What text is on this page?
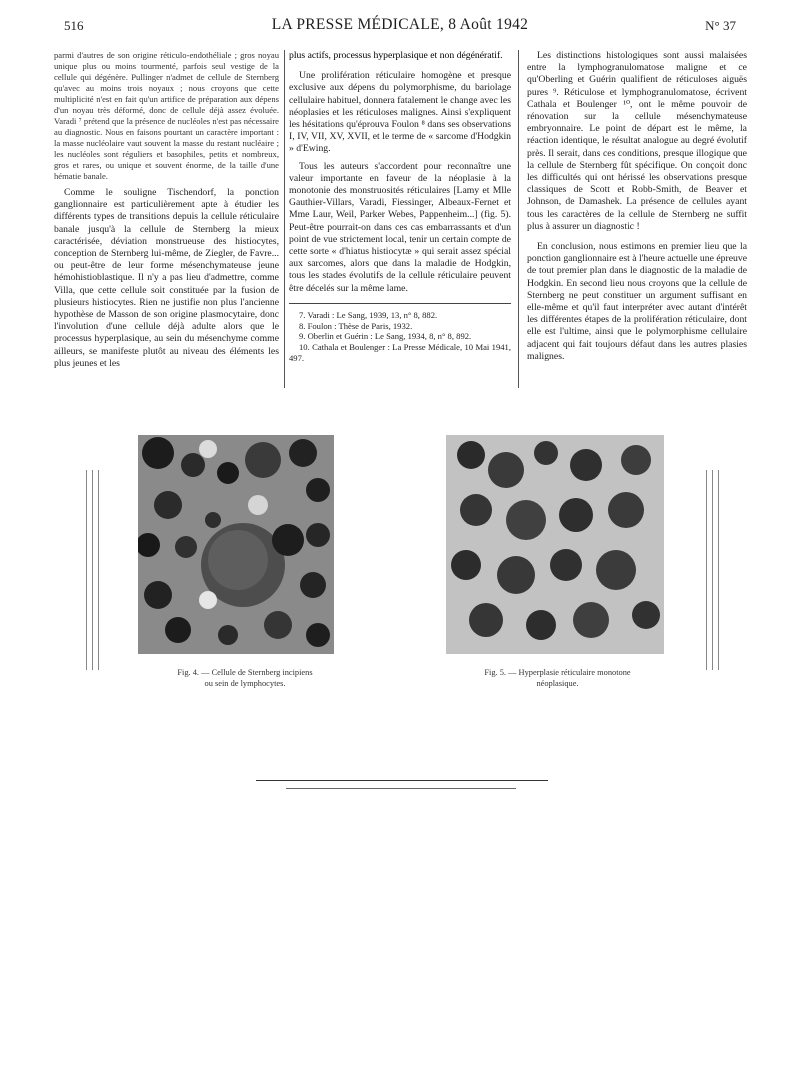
516	LA PRESSE MÉDICALE, 8 Août 1942	N° 37

parmi d'autres de son origine réticulo-endothéliale ; gros noyau unique plus ou moins tourmenté, parfois seul vestige de la cellule qui dégénère. Pullinger n'admet de cellule de Sternberg qu'avec au moins trois noyaux ; nous croyons que cette multiplicité n'est en fait qu'un artifice de préparation aux dépens d'un noyau très déformé, donc de cellule déjà assez évoluée. Varadi ⁷ prétend que la présence de nucléoles n'est pas nécessaire au diagnostic. Nous en faisons pourtant un caractère important : la masse nucléolaire vaut souvent la masse du restant nucléaire ; les nucléoles sont réguliers et basophiles, petits et nombreux, gros et rares, ou unique et souvent énorme, de la taille d'une hématie banale.

Comme le souligne Tischendorf, la ponction ganglionnaire est particulièrement apte à étudier les différents types de transitions depuis la cellule réticulaire banale jusqu'à la cellule de Sternberg la mieux caractérisée, déviation monstrueuse des histiocytes, conception de Sternberg lui-même, de Ziegler, de Favre... ou peut-être de leur forme mésenchymateuse jeune hémohistioblastique. Il n'y a pas lieu d'admettre, comme Villa, que cette cellule soit constituée par la fusion de plusieurs histiocytes. Rien ne justifie non plus l'ancienne hypothèse de Masson de son origine plasmocytaire, donc l'involution d'une cellule déjà adulte alors que le processus hyperplasique, au sein du mésenchyme comme ailleurs, se manifeste plutôt au niveau des éléments les plus jeunes et les

plus actifs, processus hyperplasique et non dégénératif.

Une prolifération réticulaire homogène et presque exclusive aux dépens du polymorphisme, du bariolage cellulaire habituel, donnera fatalement le change avec les néoplasies et les réticuloses malignes. Ainsi s'expliquent les hésitations qu'éprouva Foulon ⁸ dans ses observations I, IV, VII, XV, XVII, et le terme de « sarcome d'Hodgkin » d'Ewing.

Tous les auteurs s'accordent pour reconnaître une valeur importante en faveur de la néoplasie à la monotonie des monstruosités réticulaires [Lamy et Mlle Gauthier-Villars, Varadi, Fiessinger, Albeaux-Fernet et Mme Laur, Weil, Parker Webes, Pappenheim...] (fig. 5). Peut-être pourrait-on dans ces cas embarrassants et d'un point de vue strictement local, tenir un certain compte de cette sorte « d'hiatus histiocytæ » qui serait assez spécial aux sarcomes, alors que dans la maladie de Hodgkin, tous les stades évolutifs de la cellule réticulaire peuvent être décelés sur la même lame.

7. Varadi : Le Sang, 1939, 13, n° 8, 882.
8. Foulon : Thèse de Paris, 1932.
9. Oberlin et Guérin : Le Sang, 1934, 8, n° 8, 892.
10. Cathala et Boulenger : La Presse Médicale, 10 Mai 1941, 497.

Les distinctions histologiques sont aussi malaisées entre la lymphogranulomatose maligne et ce qu'Oberling et Guérin qualifient de réticuloses aiguës pures ⁹. Réticulose et lymphogranulomatose, écrivent Cathala et Boulenger ¹⁰, ont le même pouvoir de rénovation sur la cellule mésenchymateuse embryonnaire. Le point de départ est le même, la réaction identique, le résultat analogue au degré évolutif près. Il serait, dans ces conditions, presque illogique que la cellule de Sternberg fût spécifique. On conçoit donc les difficultés qui ont hérissé les observations presque classiques de Scott et Robb-Smith, de Beaver et Johnson, de Damashek. La présence de cellules ayant tous les caractères de la cellule de Sternberg ne suffit plus à assurer un diagnostic !

En conclusion, nous estimons en premier lieu que la ponction ganglionnaire est à l'heure actuelle une épreuve de tout premier plan dans le diagnostic de la maladie de Hodgkin. En second lieu nous croyons que la cellule de Sternberg ne peut constituer un argument suffisant en elle-même et qu'il faut interpréter avec autant d'intérêt les différentes étapes de la prolifération réticulaire, dont elle est l'ultime, ainsi que le polymorphisme cellulaire adjacent qui fait toujours défaut dans les autres plasies malignes.

Fig. 4. — Cellule de Sternberg incipiens
ou sein de lymphocytes.
Fig. 5. — Hyperplasie réticulaire monotone
néoplasique.
